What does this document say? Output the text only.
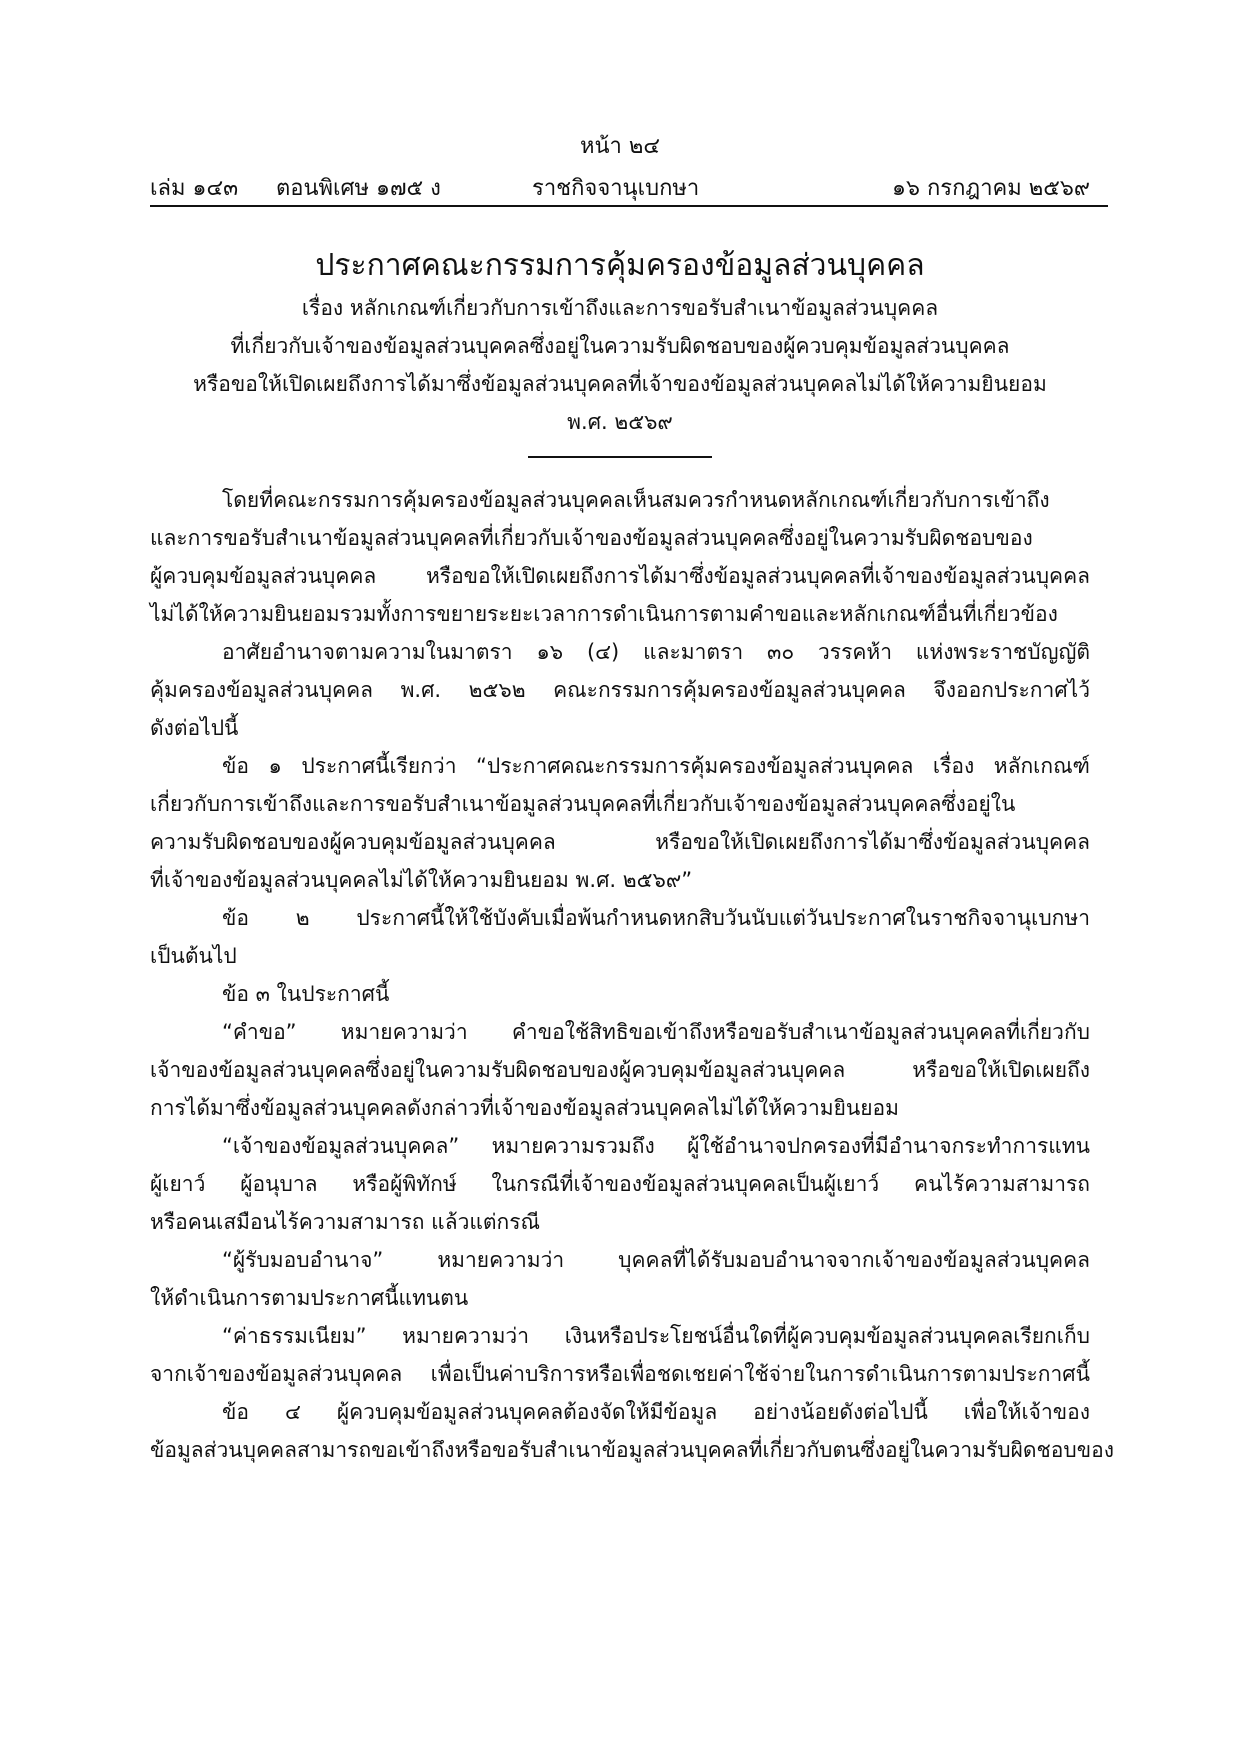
หน้า ๒๔
เล่ม ๑๔๓ ตอนพิเศษ ๑๗๕ ง	ราชกิจจานุเบกษา	๑๖ กรกฎาคม ๒๕๖๙
ประกาศคณะกรรมการคุ้มครองข้อมูลส่วนบุคคล
เรื่อง หลักเกณฑ์เกี่ยวกับการเข้าถึงและการขอรับสำเนาข้อมูลส่วนบุคคล
ที่เกี่ยวกับเจ้าของข้อมูลส่วนบุคคลซึ่งอยู่ในความรับผิดชอบของผู้ควบคุมข้อมูลส่วนบุคคล
หรือขอให้เปิดเผยถึงการได้มาซึ่งข้อมูลส่วนบุคคลที่เจ้าของข้อมูลส่วนบุคคลไม่ได้ให้ความยินยอม
พ.ศ. ๒๕๖๙
โดยที่คณะกรรมการคุ้มครองข้อมูลส่วนบุคคลเห็นสมควรกำหนดหลักเกณฑ์เกี่ยวกับการเข้าถึง
และการขอรับสำเนาข้อมูลส่วนบุคคลที่เกี่ยวกับเจ้าของข้อมูลส่วนบุคคลซึ่งอยู่ในความรับผิดชอบของ
ผู้ควบคุมข้อมูลส่วนบุคคล หรือขอให้เปิดเผยถึงการได้มาซึ่งข้อมูลส่วนบุคคลที่เจ้าของข้อมูลส่วนบุคคล
ไม่ได้ให้ความยินยอมรวมทั้งการขยายระยะเวลาการดำเนินการตามคำขอและหลักเกณฑ์อื่นที่เกี่ยวข้อง
อาศัยอำนาจตามความในมาตรา ๑๖ (๔) และมาตรา ๓๐ วรรคห้า แห่งพระราชบัญญัติ
คุ้มครองข้อมูลส่วนบุคคล พ.ศ. ๒๕๖๒ คณะกรรมการคุ้มครองข้อมูลส่วนบุคคล จึงออกประกาศไว้
ดังต่อไปนี้
ข้อ ๑ ประกาศนี้เรียกว่า “ประกาศคณะกรรมการคุ้มครองข้อมูลส่วนบุคคล เรื่อง หลักเกณฑ์
เกี่ยวกับการเข้าถึงและการขอรับสำเนาข้อมูลส่วนบุคคลที่เกี่ยวกับเจ้าของข้อมูลส่วนบุคคลซึ่งอยู่ใน
ความรับผิดชอบของผู้ควบคุมข้อมูลส่วนบุคคล หรือขอให้เปิดเผยถึงการได้มาซึ่งข้อมูลส่วนบุคคล
ที่เจ้าของข้อมูลส่วนบุคคลไม่ได้ให้ความยินยอม พ.ศ. ๒๕๖๙”
ข้อ ๒ ประกาศนี้ให้ใช้บังคับเมื่อพ้นกำหนดหกสิบวันนับแต่วันประกาศในราชกิจจานุเบกษา
เป็นต้นไป
ข้อ ๓ ในประกาศนี้
“คำขอ” หมายความว่า คำขอใช้สิทธิขอเข้าถึงหรือขอรับสำเนาข้อมูลส่วนบุคคลที่เกี่ยวกับ
เจ้าของข้อมูลส่วนบุคคลซึ่งอยู่ในความรับผิดชอบของผู้ควบคุมข้อมูลส่วนบุคคล หรือขอให้เปิดเผยถึง
การได้มาซึ่งข้อมูลส่วนบุคคลดังกล่าวที่เจ้าของข้อมูลส่วนบุคคลไม่ได้ให้ความยินยอม
“เจ้าของข้อมูลส่วนบุคคล” หมายความรวมถึง ผู้ใช้อำนาจปกครองที่มีอำนาจกระทำการแทน
ผู้เยาว์ ผู้อนุบาล หรือผู้พิทักษ์ ในกรณีที่เจ้าของข้อมูลส่วนบุคคลเป็นผู้เยาว์ คนไร้ความสามารถ
หรือคนเสมือนไร้ความสามารถ แล้วแต่กรณี
“ผู้รับมอบอำนาจ” หมายความว่า บุคคลที่ได้รับมอบอำนาจจากเจ้าของข้อมูลส่วนบุคคล
ให้ดำเนินการตามประกาศนี้แทนตน
“ค่าธรรมเนียม” หมายความว่า เงินหรือประโยชน์อื่นใดที่ผู้ควบคุมข้อมูลส่วนบุคคลเรียกเก็บ
จากเจ้าของข้อมูลส่วนบุคคล เพื่อเป็นค่าบริการหรือเพื่อชดเชยค่าใช้จ่ายในการดำเนินการตามประกาศนี้
ข้อ ๔ ผู้ควบคุมข้อมูลส่วนบุคคลต้องจัดให้มีข้อมูล อย่างน้อยดังต่อไปนี้ เพื่อให้เจ้าของ
ข้อมูลส่วนบุคคลสามารถขอเข้าถึงหรือขอรับสำเนาข้อมูลส่วนบุคคลที่เกี่ยวกับตนซึ่งอยู่ในความรับผิดชอบของ
